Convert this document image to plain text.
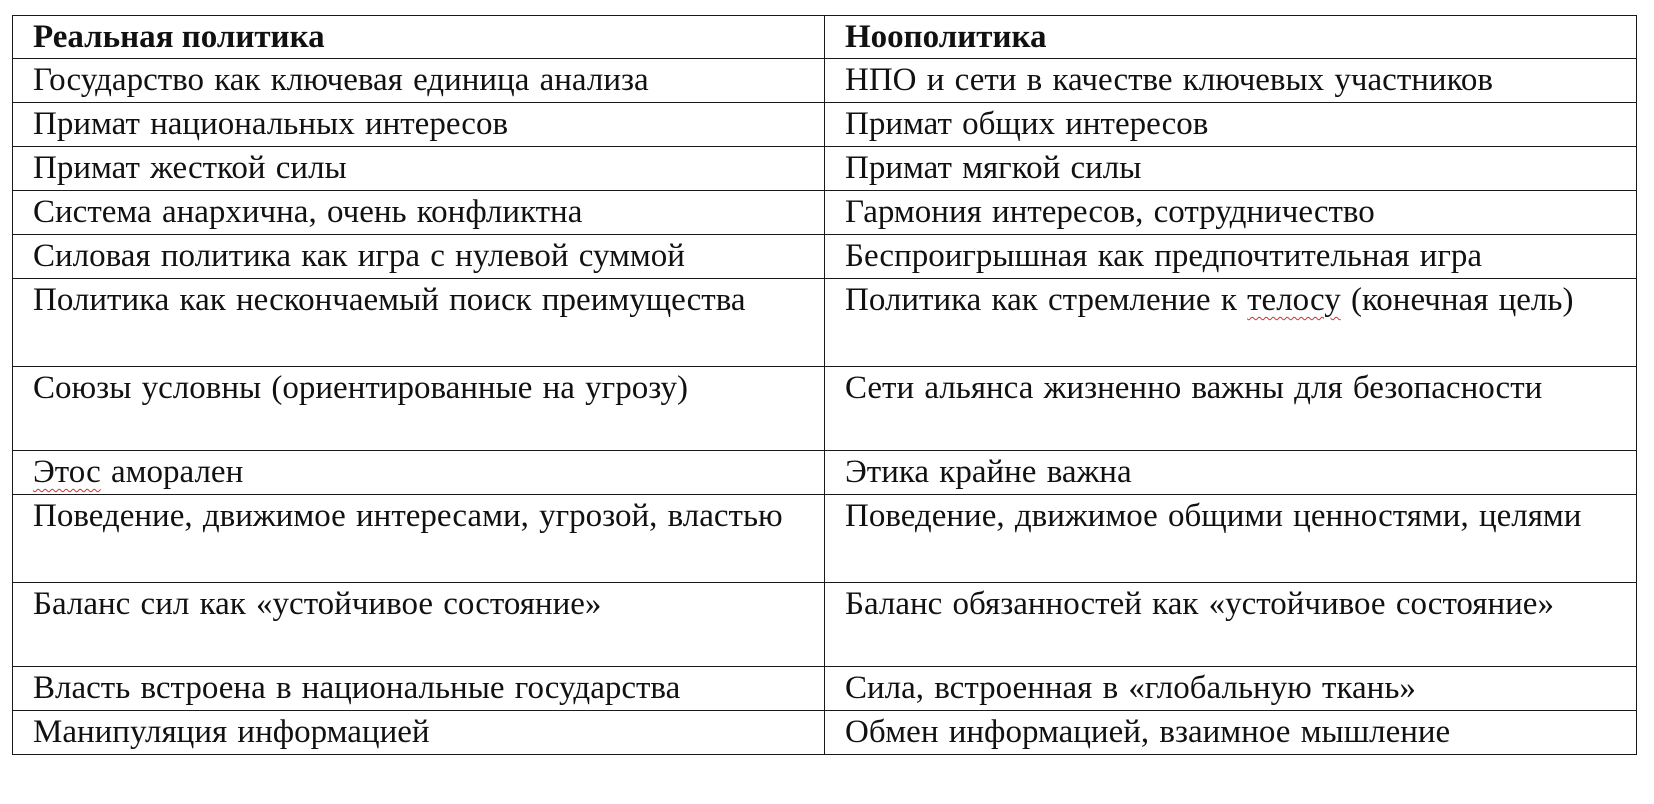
Реальная политика	Ноополитика
Государство как ключевая единица анализа	НПО и сети в качестве ключевых участников
Примат национальных интересов	Примат общих интересов
Примат жесткой силы	Примат мягкой силы
Система анархична, очень конфликтна	Гармония интересов, сотрудничество
Силовая политика как игра с нулевой суммой	Беспроигрышная как предпочтительная игра
Политика как нескончаемый поиск преимущества	Политика как стремление к телосу (конечная цель)
Союзы условны (ориентированные на угрозу)	Сети альянса жизненно важны для безопасности
Этос аморален	Этика крайне важна
Поведение, движимое интересами, угрозой, властью	Поведение, движимое общими ценностями, целями
Баланс сил как «устойчивое состояние»	Баланс обязанностей как «устойчивое состояние»
Власть встроена в национальные государства	Сила, встроенная в «глобальную ткань»
Манипуляция информацией	Обмен информацией, взаимное мышление
